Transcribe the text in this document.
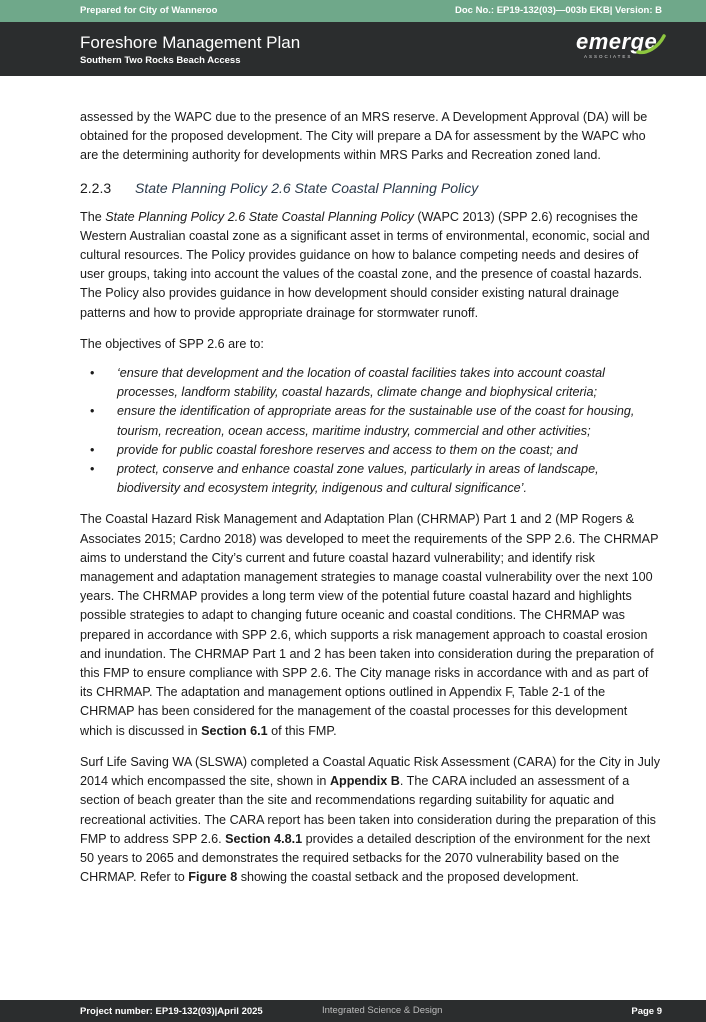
Prepared for City of Wanneroo	Doc No.: EP19-132(03)—003b EKB| Version: B
Foreshore Management Plan
Southern Two Rocks Beach Access
emerge
ASSOCIATES

assessed by the WAPC due to the presence of an MRS reserve. A Development Approval (DA) will be obtained for the proposed development. The City will prepare a DA for assessment by the WAPC who are the determining authority for developments within MRS Parks and Recreation zoned land.

2.2.3 State Planning Policy 2.6 State Coastal Planning Policy

The State Planning Policy 2.6 State Coastal Planning Policy (WAPC 2013) (SPP 2.6) recognises the Western Australian coastal zone as a significant asset in terms of environmental, economic, social and cultural resources. The Policy provides guidance on how to balance competing needs and desires of user groups, taking into account the values of the coastal zone, and the presence of coastal hazards. The Policy also provides guidance in how development should consider existing natural drainage patterns and how to provide appropriate drainage for stormwater runoff.

The objectives of SPP 2.6 are to:

• ‘ensure that development and the location of coastal facilities takes into account coastal processes, landform stability, coastal hazards, climate change and biophysical criteria;
• ensure the identification of appropriate areas for the sustainable use of the coast for housing, tourism, recreation, ocean access, maritime industry, commercial and other activities;
• provide for public coastal foreshore reserves and access to them on the coast; and
• protect, conserve and enhance coastal zone values, particularly in areas of landscape, biodiversity and ecosystem integrity, indigenous and cultural significance’.

The Coastal Hazard Risk Management and Adaptation Plan (CHRMAP) Part 1 and 2 (MP Rogers & Associates 2015; Cardno 2018) was developed to meet the requirements of the SPP 2.6. The CHRMAP aims to understand the City’s current and future coastal hazard vulnerability; and identify risk management and adaptation management strategies to manage coastal vulnerability over the next 100 years. The CHRMAP provides a long term view of the potential future coastal hazard and highlights possible strategies to adapt to changing future oceanic and coastal conditions. The CHRMAP was prepared in accordance with SPP 2.6, which supports a risk management approach to coastal erosion and inundation. The CHRMAP Part 1 and 2 has been taken into consideration during the preparation of this FMP to ensure compliance with SPP 2.6. The City manage risks in accordance with and as part of its CHRMAP. The adaptation and management options outlined in Appendix F, Table 2-1 of the CHRMAP has been considered for the management of the coastal processes for this development which is discussed in Section 6.1 of this FMP.

Surf Life Saving WA (SLSWA) completed a Coastal Aquatic Risk Assessment (CARA) for the City in July 2014 which encompassed the site, shown in Appendix B. The CARA included an assessment of a section of beach greater than the site and recommendations regarding suitability for aquatic and recreational activities. The CARA report has been taken into consideration during the preparation of this FMP to address SPP 2.6. Section 4.8.1 provides a detailed description of the environment for the next 50 years to 2065 and demonstrates the required setbacks for the 2070 vulnerability based on the CHRMAP. Refer to Figure 8 showing the coastal setback and the proposed development.

Project number: EP19-132(03)|April 2025	Integrated Science & Design	Page 9
